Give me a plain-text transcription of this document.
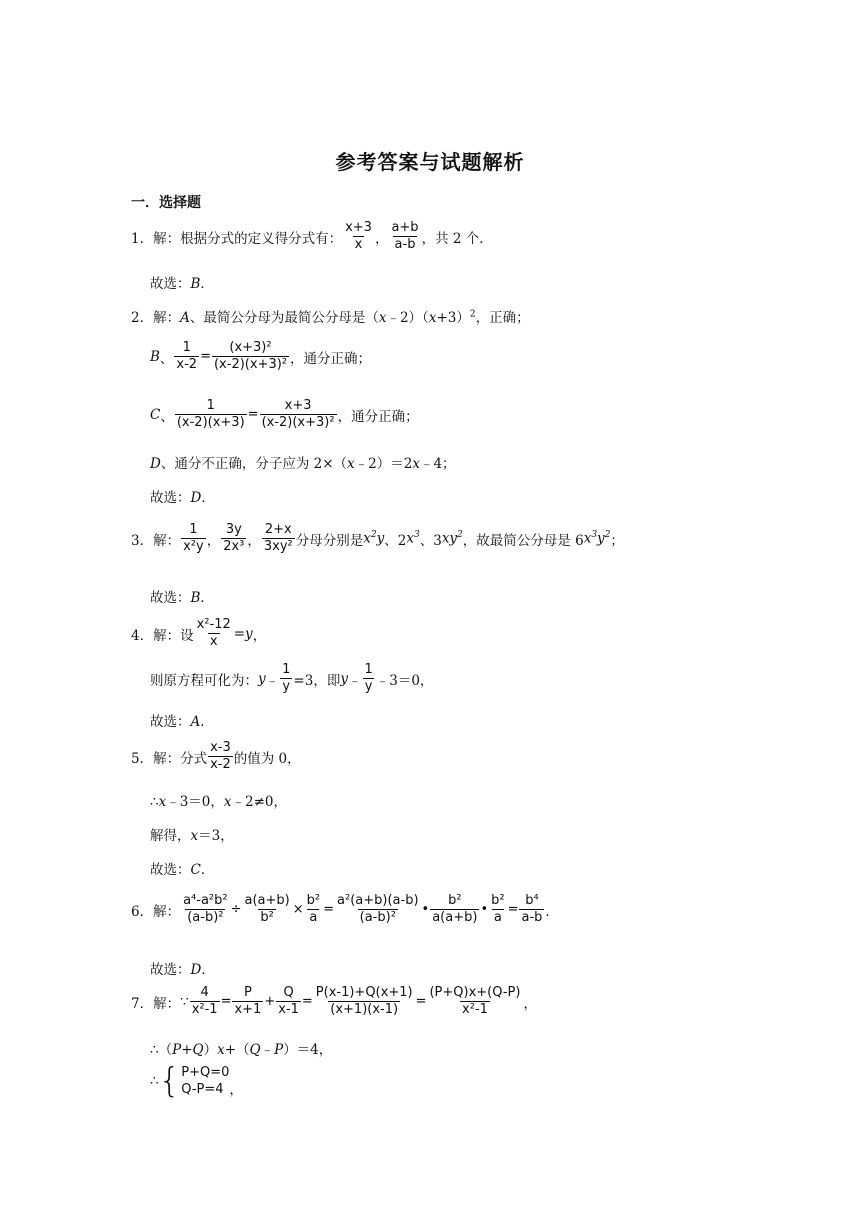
参考答案与试题解析
一．选择题
1．解： 根据分式的定义得分式有： $\frac{x+3}{x}$ ， $\frac{a+b}{a-b}$ ，共 2 个．
故选：B．
2．解：A、最简公分母为最简公分母是$(x﹣2)(x+3)^2$，正确；
B 、 $\frac{1}{x-2} = \frac{\text{(x+3)²}}{\text{(x-2)(x+3)²}}$ ，通分正确；
C 、 $\frac{1}{(x-2)(x+3)} = \frac{x+3}{\text{(x-2)(x+3)²}}$ ，通分正确；
D、通分不正确，分子应为 2×（x﹣2）＝2x﹣4；
故选：D．
3．解： $\frac{1}{\text{x²y}}$ ， $\frac{3y}{\text{2x³}}$ ， $\frac{2+x}{\text{3xy²}}$ 分母分别是 $x^2y$ 、2 $x^3$ 、3 $xy^2$ ，故最简公分母是 6 $x^3y^2$ ；
故选：B．
4．解： 设 $\frac{\text{x²-12}}{x} = y$ ，
则原方程可化为： y ﹣ $\frac{1}{y} =3$，即 y ﹣ $\frac{1}{y}$ ﹣3＝0，
故选：A．
5．解： 分式 $\frac{x-3}{x-2}$ 的值为 0，
∴x﹣3＝0，x﹣2≠0，
解得，x＝3，
故选：C．
6．解： $\frac{\text{a⁴-a²b²}}{\text{(a-b)²}} \div \frac{a(a+b)}{\text{b²}} \times \frac{\text{b²}}{a} = \frac{\text{a²(a+b)(a-b)}}{\text{(a-b)²}}$ • $\frac{\text{b²}}{a(a+b)}$ • $\frac{\text{b²}}{a} = \frac{\text{b⁴}}{a-b}$ ．
故选：D．
7．解： ∵ $\frac{4}{\text{x²-1}} = \frac{P}{x+1} + \frac{Q}{x-1} = \frac{P(x-1)+Q(x+1)}{(x+1)(x-1)} = \frac{(P+Q)x+(Q-P)}{\text{x²-1}}$ ，
∴（P+Q）x+（Q﹣P）＝4，
∴ { P+Q=0
Q-P=4 ，
